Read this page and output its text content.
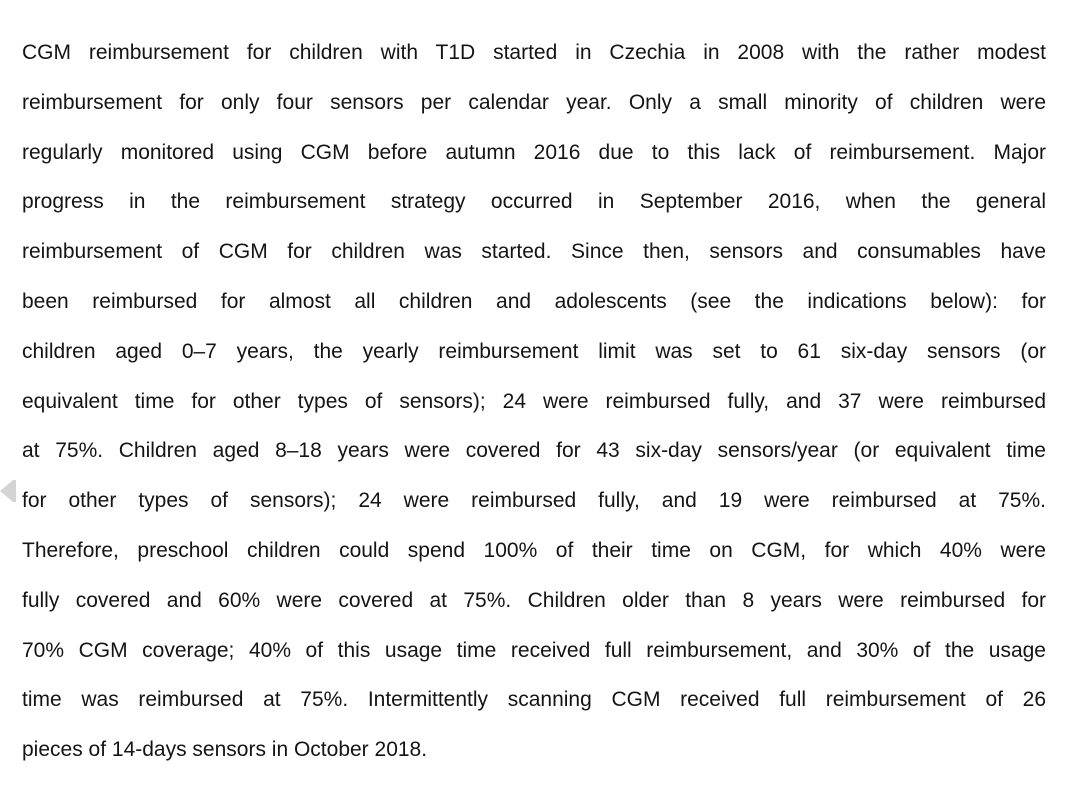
CGM reimbursement for children with T1D started in Czechia in 2008 with the rather modest
reimbursement for only four sensors per calendar year. Only a small minority of children were
regularly monitored using CGM before autumn 2016 due to this lack of reimbursement. Major
progress in the reimbursement strategy occurred in September 2016, when the general
reimbursement of CGM for children was started. Since then, sensors and consumables have
been reimbursed for almost all children and adolescents (see the indications below): for
children aged 0–7 years, the yearly reimbursement limit was set to 61 six-day sensors (or
equivalent time for other types of sensors); 24 were reimbursed fully, and 37 were reimbursed
at 75%. Children aged 8–18 years were covered for 43 six-day sensors/year (or equivalent time
for other types of sensors); 24 were reimbursed fully, and 19 were reimbursed at 75%.
Therefore, preschool children could spend 100% of their time on CGM, for which 40% were
fully covered and 60% were covered at 75%. Children older than 8 years were reimbursed for
70% CGM coverage; 40% of this usage time received full reimbursement, and 30% of the usage
time was reimbursed at 75%. Intermittently scanning CGM received full reimbursement of 26
pieces of 14-days sensors in October 2018.
